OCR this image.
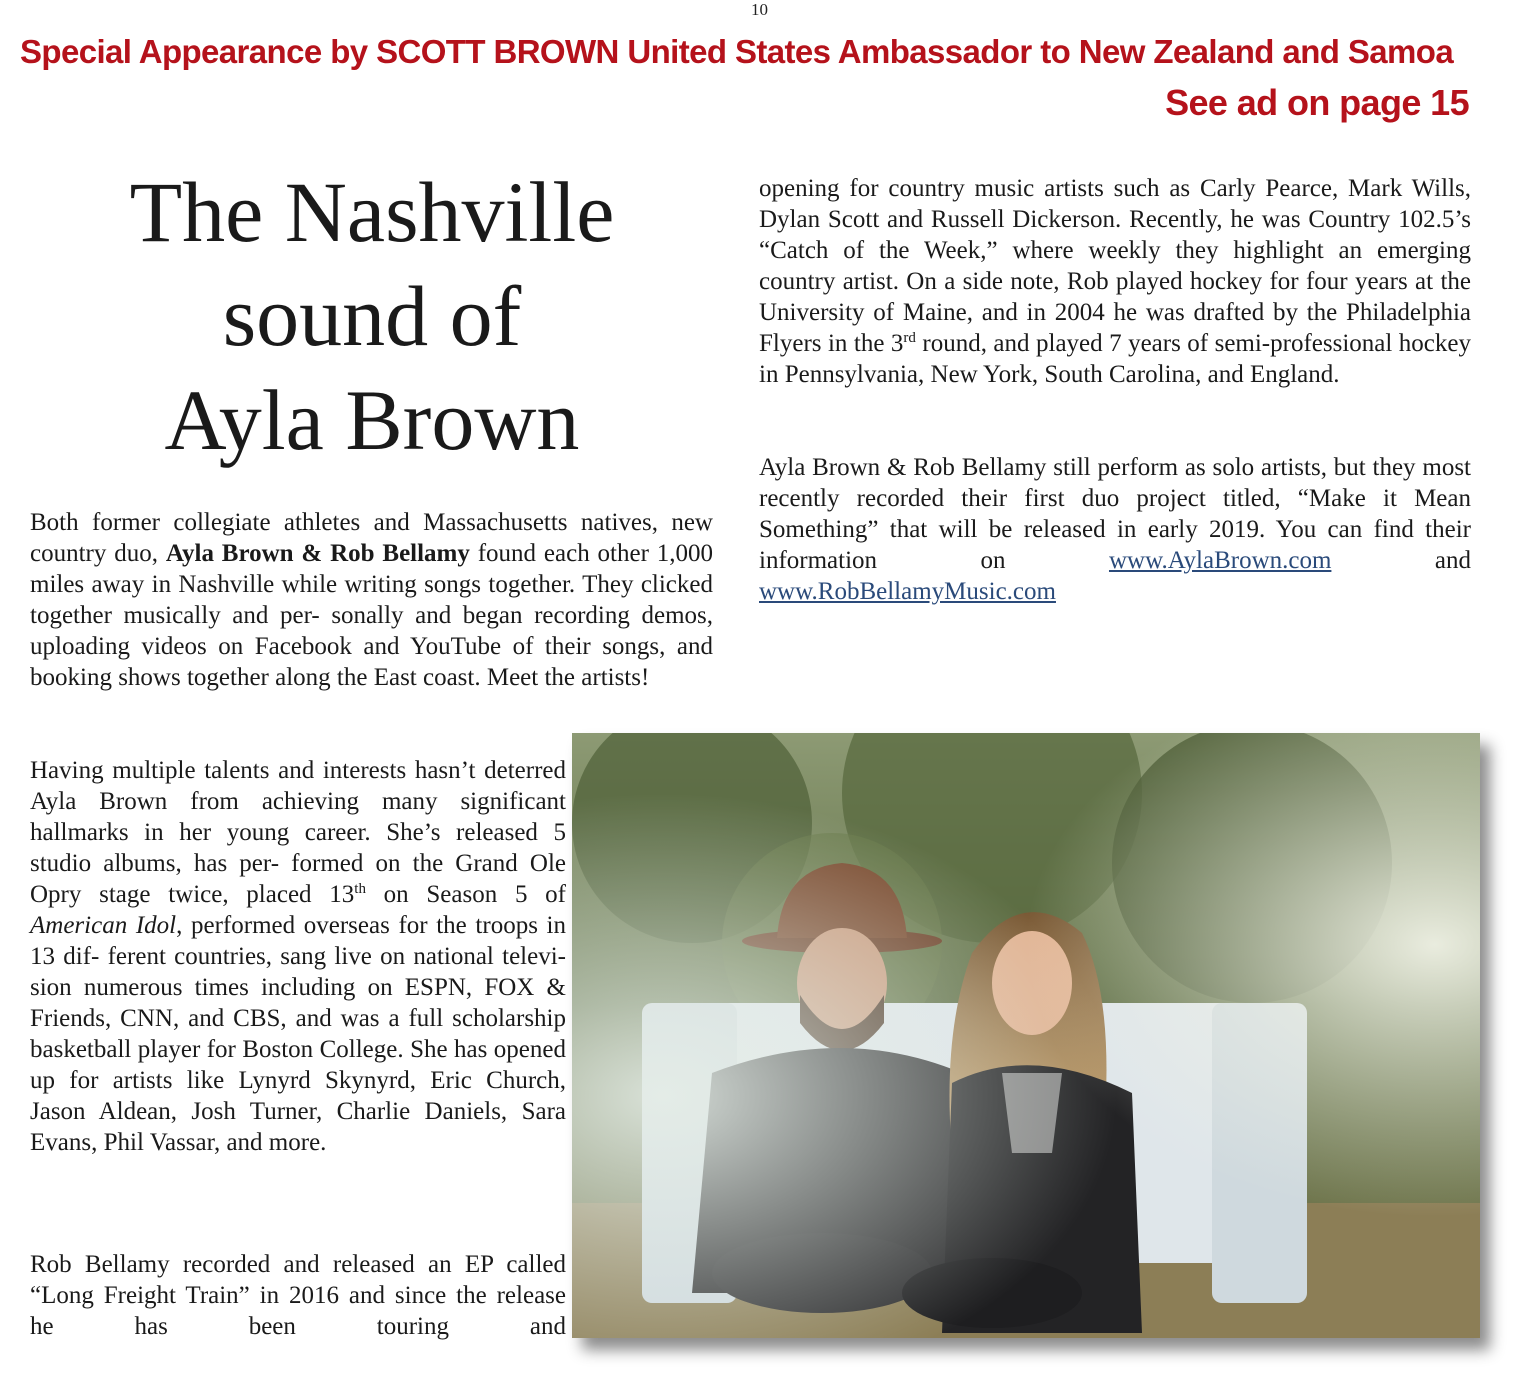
10
Special Appearance by SCOTT BROWN United States Ambassador to New Zealand and Samoa
See ad on page 15
The Nashville
sound of
Ayla Brown

Both former collegiate athletes and Massachusetts natives, new country duo, Ayla Brown & Rob Bellamy found each other 1,000 miles away in Nashville while writing songs together. They clicked together musically and per- sonally and began recording demos, uploading videos on Facebook and YouTube of their songs, and booking shows together along the East coast. Meet the artists!

Having multiple talents and interests hasn’t deterred Ayla Brown from achieving many significant hallmarks in her young career. She’s released 5 studio albums, has per- formed on the Grand Ole Opry stage twice, placed 13th on Season 5 of American Idol, performed overseas for the troops in 13 dif- ferent countries, sang live on national televi- sion numerous times including on ESPN, FOX & Friends, CNN, and CBS, and was a full scholarship basketball player for Boston College. She has opened up for artists like Lynyrd Skynyrd, Eric Church, Jason Aldean, Josh Turner, Charlie Daniels, Sara Evans, Phil Vassar, and more.

Rob Bellamy recorded and released an EP called “Long Freight Train” in 2016 and since the release he has been touring and

opening for country music artists such as Carly Pearce, Mark Wills, Dylan Scott and Russell Dickerson. Recently, he was Country 102.5’s “Catch of the Week,” where weekly they highlight an emerging country artist. On a side note, Rob played hockey for four years at the University of Maine, and in 2004 he was drafted by the Philadelphia Flyers in the 3rd round, and played 7 years of semi-professional hockey in Pennsylvania, New York, South Carolina, and England.

Ayla Brown & Rob Bellamy still perform as solo artists, but they most recently recorded their first duo project titled, “Make it Mean Something” that will be released in early 2019. You can find their information on www.AylaBrown.com and www.RobBellamyMusic.com
